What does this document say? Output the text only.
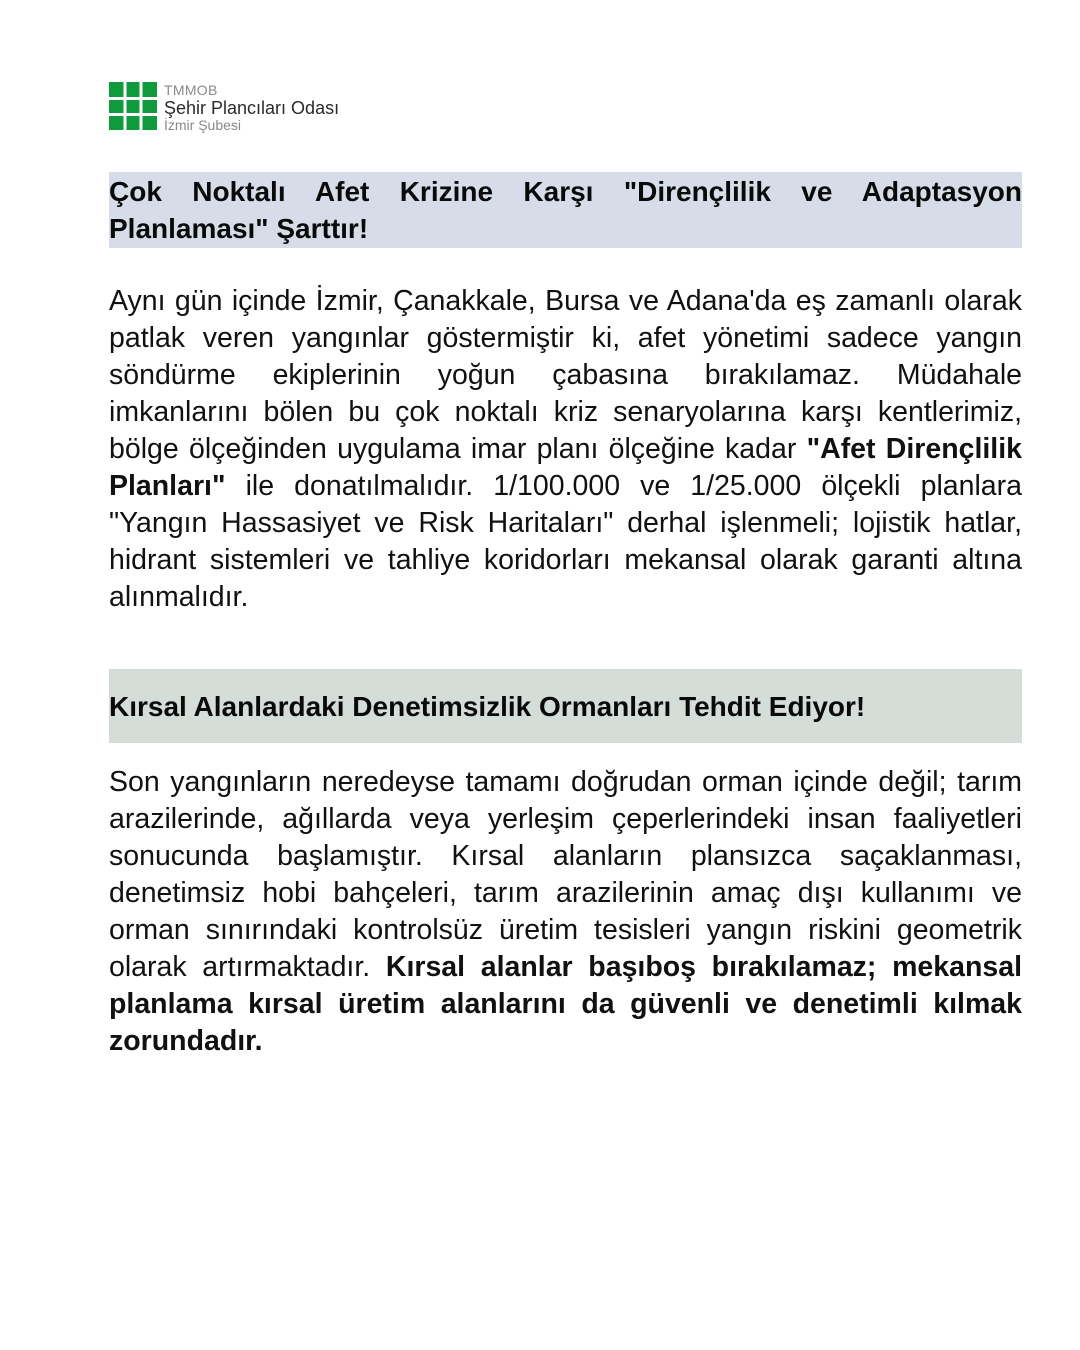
TMMOB
Şehir Plancıları Odası
İzmir Şubesi
Çok Noktalı Afet Krizine Karşı "Dirençlilik ve Adaptasyon Planlaması" Şarttır!

Aynı gün içinde İzmir, Çanakkale, Bursa ve Adana'da eş zamanlı olarak patlak veren yangınlar göstermiştir ki, afet yönetimi sadece yangın söndürme ekiplerinin yoğun çabasına bırakılamaz. Müdahale imkanlarını bölen bu çok noktalı kriz senaryolarına karşı kentlerimiz, bölge ölçeğinden uygulama imar planı ölçeğine kadar "Afet Dirençlilik Planları" ile donatılmalıdır. 1/100.000 ve 1/25.000 ölçekli planlara "Yangın Hassasiyet ve Risk Haritaları" derhal işlenmeli; lojistik hatlar, hidrant sistemleri ve tahliye koridorları mekansal olarak garanti altına alınmalıdır.

Kırsal Alanlardaki Denetimsizlik Ormanları Tehdit Ediyor!

Son yangınların neredeyse tamamı doğrudan orman içinde değil; tarım arazilerinde, ağıllarda veya yerleşim çeperlerindeki insan faaliyetleri sonucunda başlamıştır. Kırsal alanların plansızca saçaklanması, denetimsiz hobi bahçeleri, tarım arazilerinin amaç dışı kullanımı ve orman sınırındaki kontrolsüz üretim tesisleri yangın riskini geometrik olarak artırmaktadır. Kırsal alanlar başıboş bırakılamaz; mekansal planlama kırsal üretim alanlarını da güvenli ve denetimli kılmak zorundadır.
